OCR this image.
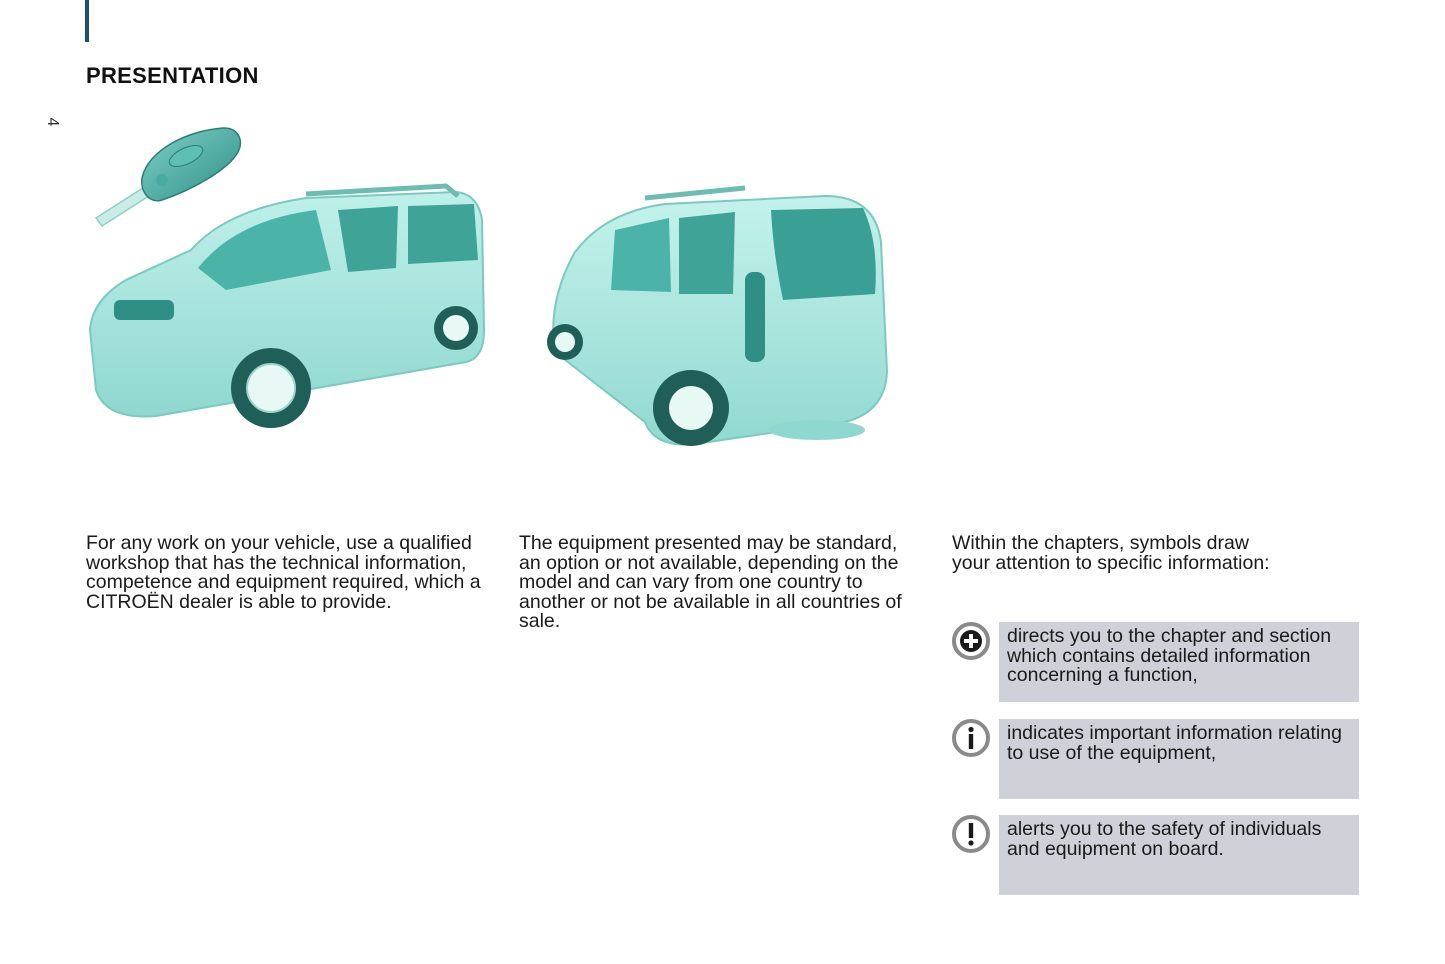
4
PRESENTATION
For any work on your vehicle, use a qualified workshop that has the technical information, competence and equipment required, which a CITROËN dealer is able to provide.
The equipment presented may be standard, an option or not available, depending on the model and can vary from one country to another or not be available in all countries of sale.
Within the chapters, symbols draw your attention to specific information:
directs you to the chapter and section which contains detailed information concerning a function,
indicates important information relating to use of the equipment,
alerts you to the safety of individuals and equipment on board.
